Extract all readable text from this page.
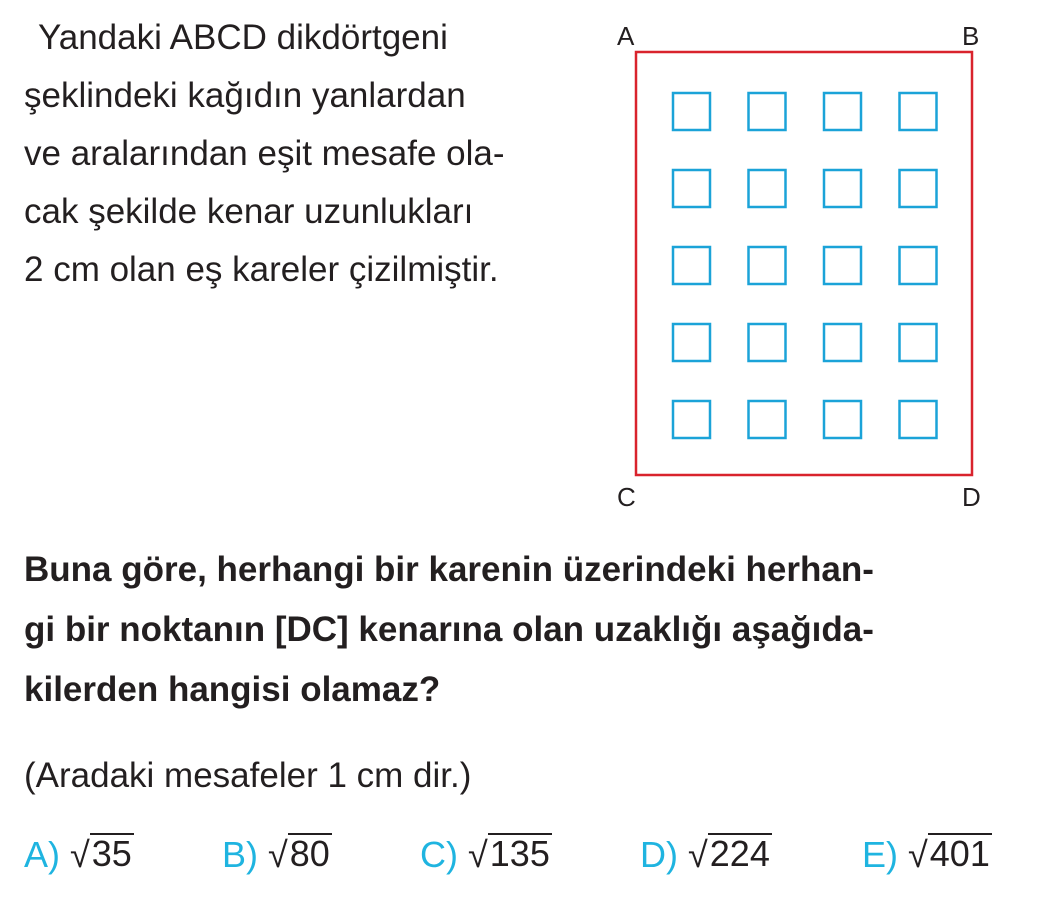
Yandaki ABCD dikdörtgeni
şeklindeki kağıdın yanlardan
ve aralarından eşit mesafe ola-
cak şekilde kenar uzunlukları
2 cm olan eş kareler çizilmiştir.
A	B
C	D
Buna göre, herhangi bir karenin üzerindeki herhan-
gi bir noktanın [DC] kenarına olan uzaklığı aşağıda-
kilerden hangisi olamaz?
(Aradaki mesafeler 1 cm dir.)
A) √ 35	B) √ 80	C) √ 135	D) √ 224	E) √ 401
